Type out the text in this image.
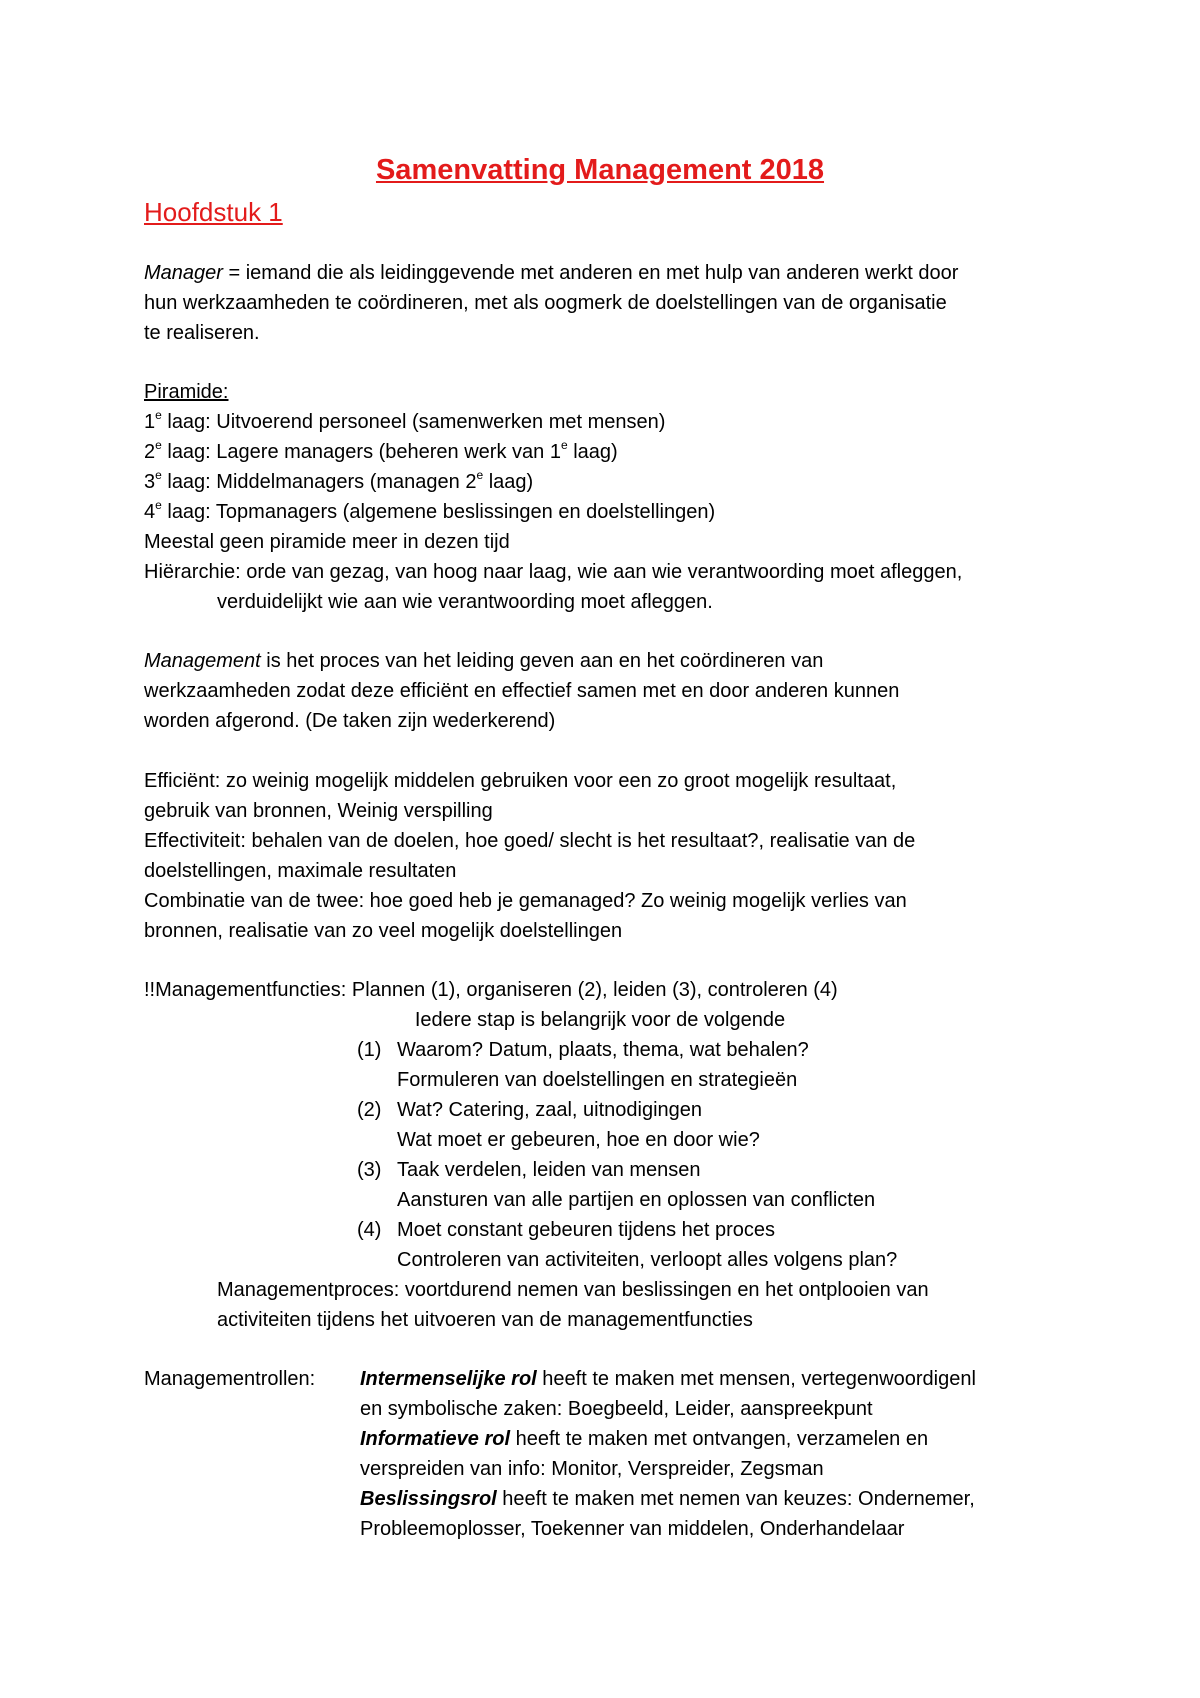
Samenvatting Management 2018
Hoofdstuk 1
Manager = iemand die als leidinggevende met anderen en met hulp van anderen werkt door
hun werkzaamheden te coördineren, met als oogmerk de doelstellingen van de organisatie
te realiseren.
Piramide:
1e laag: Uitvoerend personeel (samenwerken met mensen)
2e laag: Lagere managers (beheren werk van 1e laag)
3e laag: Middelmanagers (managen 2e laag)
4e laag: Topmanagers (algemene beslissingen en doelstellingen)
Meestal geen piramide meer in dezen tijd
Hiërarchie: orde van gezag, van hoog naar laag, wie aan wie verantwoording moet afleggen,
verduidelijkt wie aan wie verantwoording moet afleggen.
Management is het proces van het leiding geven aan en het coördineren van
werkzaamheden zodat deze efficiënt en effectief samen met en door anderen kunnen
worden afgerond. (De taken zijn wederkerend)
Efficiënt: zo weinig mogelijk middelen gebruiken voor een zo groot mogelijk resultaat,
gebruik van bronnen, Weinig verspilling
Effectiviteit: behalen van de doelen, hoe goed/ slecht is het resultaat?, realisatie van de
doelstellingen, maximale resultaten
Combinatie van de twee: hoe goed heb je gemanaged? Zo weinig mogelijk verlies van
bronnen, realisatie van zo veel mogelijk doelstellingen
!!Managementfuncties: Plannen (1), organiseren (2), leiden (3), controleren (4)
Iedere stap is belangrijk voor de volgende
(1) Waarom? Datum, plaats, thema, wat behalen?
Formuleren van doelstellingen en strategieën
(2) Wat? Catering, zaal, uitnodigingen
Wat moet er gebeuren, hoe en door wie?
(3) Taak verdelen, leiden van mensen
Aansturen van alle partijen en oplossen van conflicten
(4) Moet constant gebeuren tijdens het proces
Controleren van activiteiten, verloopt alles volgens plan?
Managementproces: voortdurend nemen van beslissingen en het ontplooien van
activiteiten tijdens het uitvoeren van de managementfuncties
Managementrollen: Intermenselijke rol heeft te maken met mensen, vertegenwoordigenl
en symbolische zaken: Boegbeeld, Leider, aanspreekpunt
Informatieve rol heeft te maken met ontvangen, verzamelen en
verspreiden van info: Monitor, Verspreider, Zegsman
Beslissingsrol heeft te maken met nemen van keuzes: Ondernemer,
Probleemoplosser, Toekenner van middelen, Onderhandelaar
